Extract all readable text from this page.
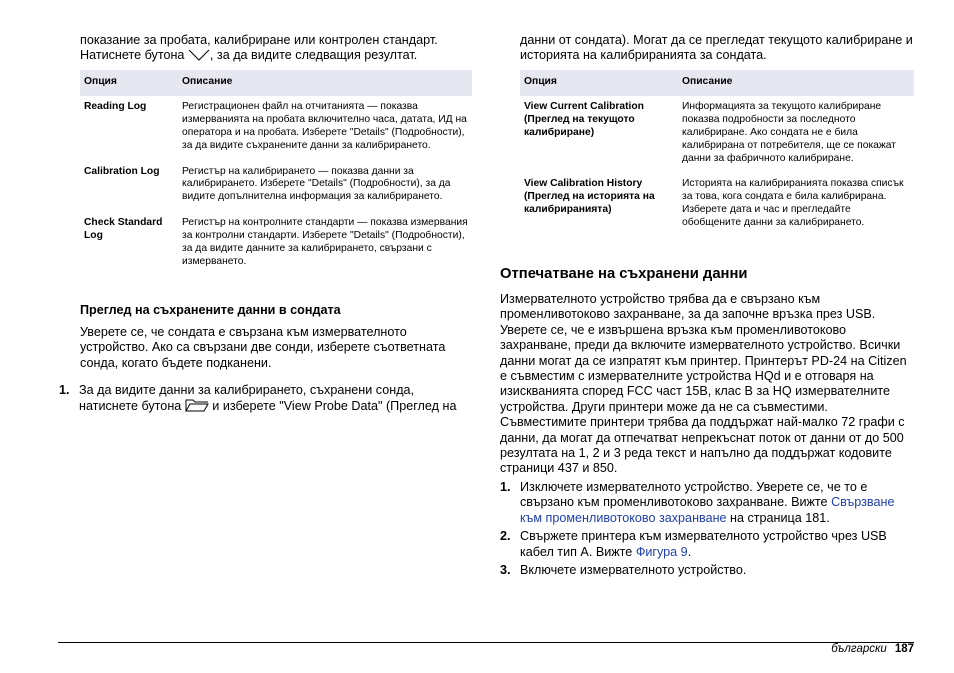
показание за пробата, калибриране или контролен стандарт.

Натиснете бутона , за да видите следващия резултат.

Опция	Описание
Reading Log	Регистрационен файл на отчитанията — показва измерванията на пробата включително часа, датата, ИД на оператора и на пробата. Изберете "Details" (Подробности), за да видите съхранените данни за калибрирането.
Calibration Log	Регистър на калибрирането — показва данни за калибрирането. Изберете "Details" (Подробности), за да видите допълнителна информация за калибрирането.
Check Standard Log	Регистър на контролните стандарти — показва измервания за контролни стандарти. Изберете "Details" (Подробности), за да видите данните за калибрирането, свързани с измерването.
Преглед на съхранените данни в сондата

Уверете се, че сондата е свързана към измервателното устройство. Ако са свързани две сонди, изберете съответната сонда, когато бъдете подканени.

1. За да видите данни за калибрирането, съхранени сонда,
натиснете бутона и изберете "View Probe Data" (Преглед на

данни от сондата). Могат да се прегледат текущото калибриране и историята на калибриранията за сондата.

Опция	Описание
View Current Calibration (Преглед на текущото калибриране)	Информацията за текущото калибриране показва подробности за последното калибриране. Ако сондата не е била калибрирана от потребителя, ще се покажат данни за фабричното калибриране.
View Calibration History (Преглед на историята на калибриранията)	Историята на калибриранията показва списък за това, кога сондата е била калибрирана. Изберете дата и час и прегледайте обобщените данни за калибрирането.
Отпечатване на съхранени данни

Измервателното устройство трябва да е свързано към променливотоково захранване, за да започне връзка през USB. Уверете се, че е извършена връзка към променливотоково захранване, преди да включите измервателното устройство. Всички данни могат да се изпратят към принтер. Принтерът PD-24 на Citizen е съвместим с измервателните устройства HQd и е отговаря на изискванията според FCC част 15B, клас B за HQ измервателните устройства. Други принтери може да не са съвместими. Съвместимите принтери трябва да поддържат най-малко 72 графи с данни, да могат да отпечатват непрекъснат поток от данни от до 500 резултата на 1, 2 и 3 реда текст и напълно да поддържат кодовите страници 437 и 850.

1. Изключете измервателното устройство. Уверете се, че то е свързано към променливотоково захранване. Вижте Свързване към променливотоково захранване на страница 181.
2. Свържете принтера към измервателното устройство чрез USB кабел тип A. Вижте Фигура 9.
3. Включете измервателното устройство.
български 187
